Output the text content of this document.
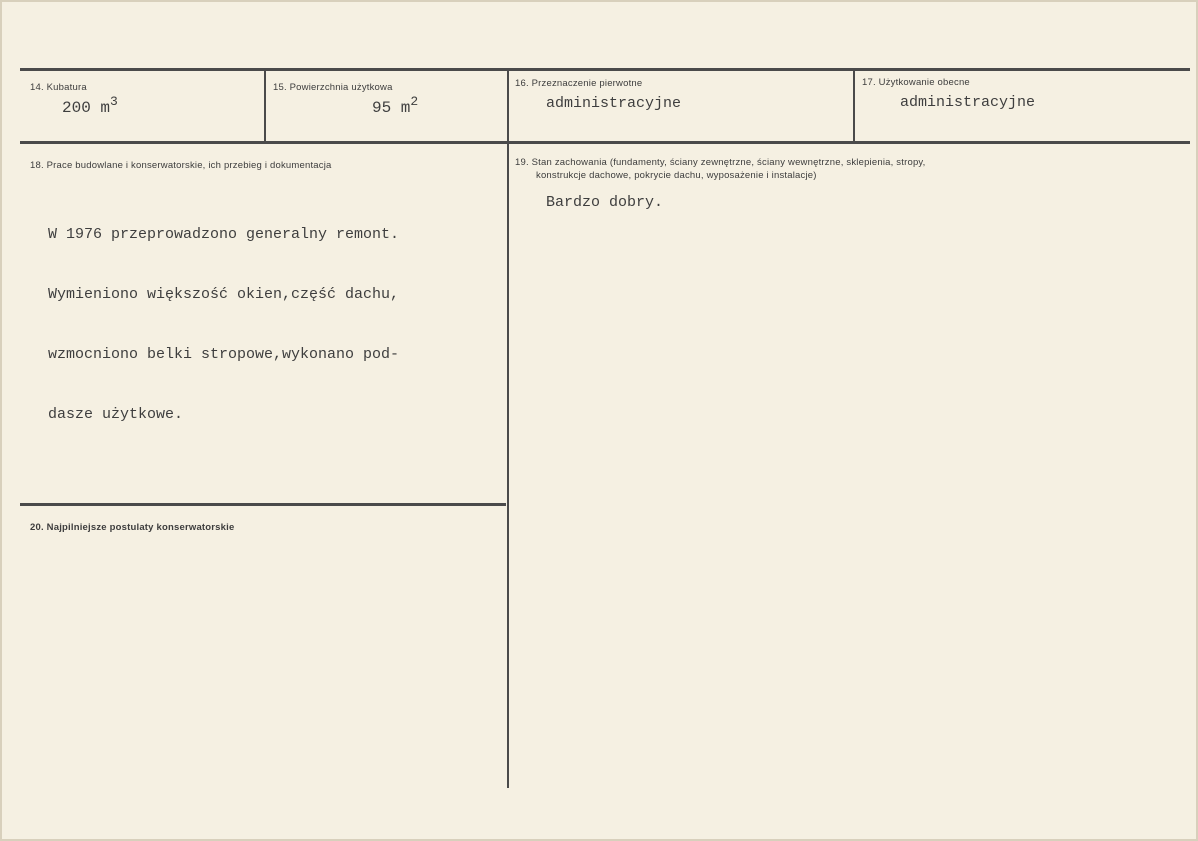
14. Kubatura
200 $m^3$
15. Powierzchnia użytkowa
95 $m^2$
16. Przeznaczenie pierwotne
administracyjne
17. Użytkowanie obecne
administracyjne
18. Prace budowlane i konserwatorskie, ich przebieg i dokumentacja

W 1976 przeprowadzono generalny remont.

Wymieniono większość okien,część dachu,

wzmocniono belki stropowe,wykonano pod-

dasze użytkowe.

19. Stan zachowania (fundamenty, ściany zewnętrzne, ściany wewnętrzne, sklepienia, stropy,
konstrukcje dachowe, pokrycie dachu, wyposażenie i instalacje)
Bardzo dobry.
20. Najpilniejsze postulaty konserwatorskie
